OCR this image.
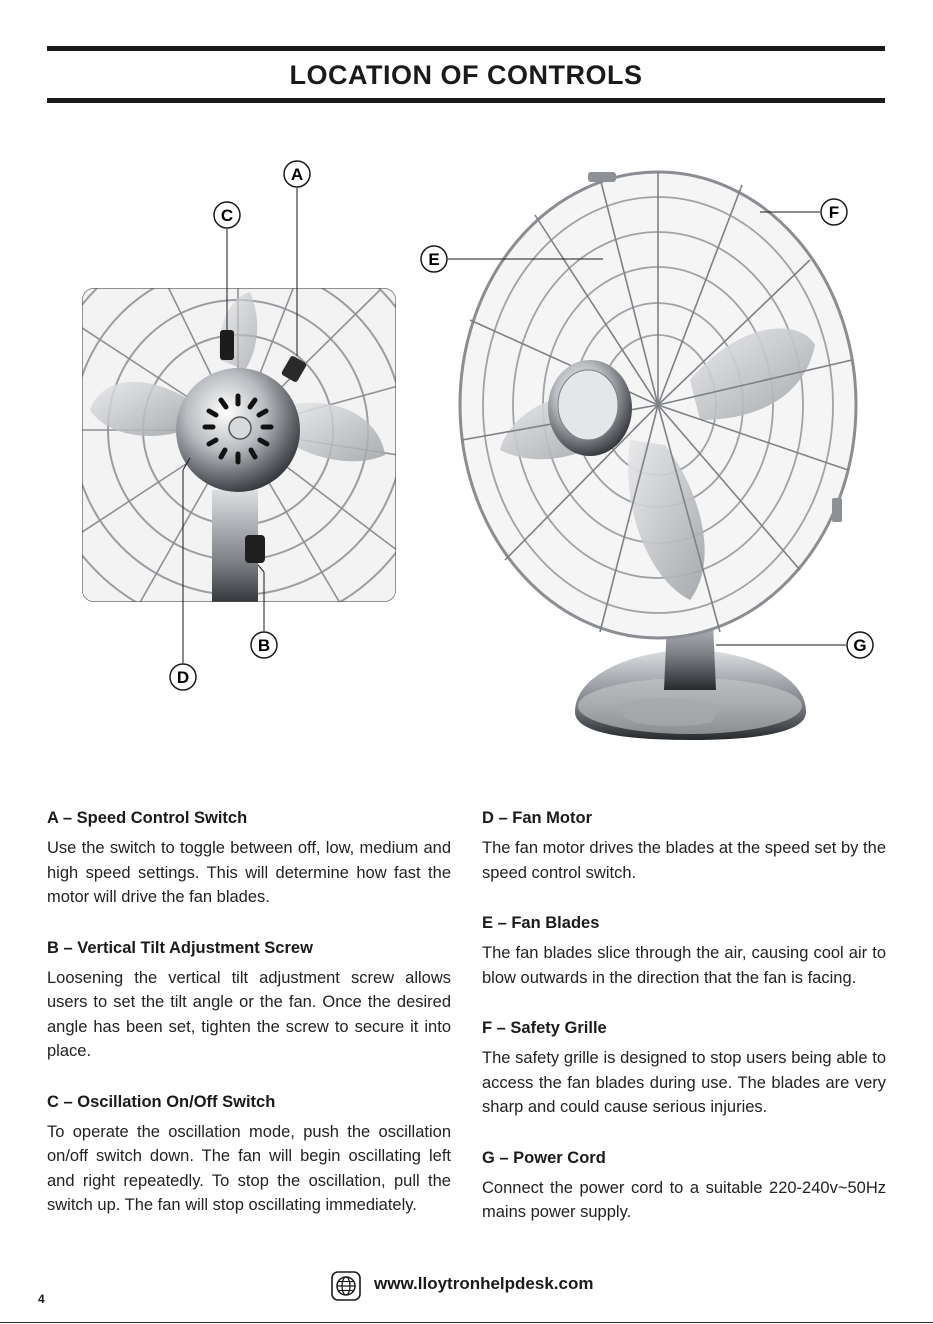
LOCATION OF CONTROLS
A
C
E
F
G
B
D
A – Speed Control Switch

Use the switch to toggle between off, low, medium and high speed settings. This will determine how fast the motor will drive the fan blades.

B – Vertical Tilt Adjustment Screw

Loosening the vertical tilt adjustment screw allows users to set the tilt angle or the fan. Once the desired angle has been set, tighten the screw to secure it into place.

C – Oscillation On/Off Switch

To operate the oscillation mode, push the oscillation on/off switch down. The fan will begin oscillating left and right repeatedly. To stop the oscillation, pull the switch up. The fan will stop oscillating immediately.

D – Fan Motor

The fan motor drives the blades at the speed set by the speed control switch.

E – Fan Blades

The fan blades slice through the air, causing cool air to blow outwards in the direction that the fan is facing.

F – Safety Grille

The safety grille is designed to stop users being able to access the fan blades during use. The blades are very sharp and could cause serious injuries.

G – Power Cord

Connect the power cord to a suitable 220-240v~50Hz mains power supply.

www.lloytronhelpdesk.com
4
